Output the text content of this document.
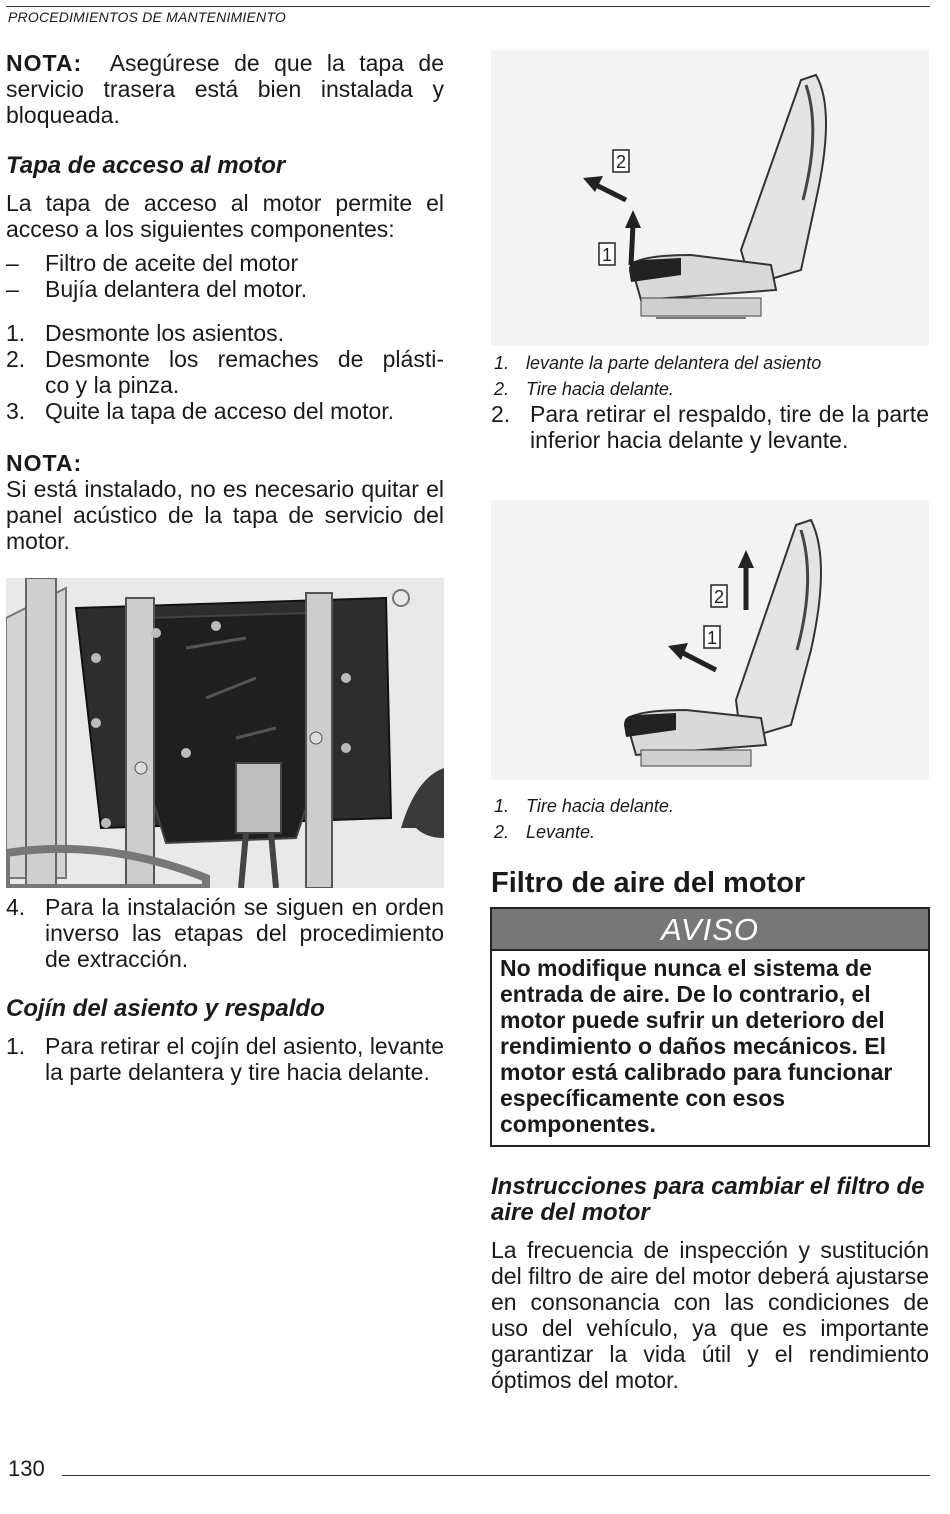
PROCEDIMIENTOS DE MANTENIMIENTO
NOTA: Asegúrese de que la tapa de servicio trasera está bien instalada y bloqueada.
Tapa de acceso al motor
La tapa de acceso al motor permite el acceso a los siguientes componentes:
– Filtro de aceite del motor
– Bujía delantera del motor.
1. Desmonte los asientos.
2. Desmonte los remaches de plásti-
co y la pinza.
3. Quite la tapa de acceso del motor.
NOTA:
Si está instalado, no es necesario quitar el panel acústico de la tapa de servicio del motor.
4. Para la instalación se siguen en orden inverso las etapas del procedimiento de extracción.
Cojín del asiento y respaldo
1. Para retirar el cojín del asiento, levante la parte delantera y tire hacia delante.
2
1
1. levante la parte delantera del asiento
2. Tire hacia delante.
2. Para retirar el respaldo, tire de la parte inferior hacia delante y levante.
2
1
1. Tire hacia delante.
2. Levante.
Filtro de aire del motor
AVISO
No modifique nunca el sistema de entrada de aire. De lo contrario, el motor puede sufrir un deterioro del rendimiento o daños mecánicos. El motor está calibrado para funcionar específicamente con esos componentes.
Instrucciones para cambiar el filtro de aire del motor
La frecuencia de inspección y sustitución del filtro de aire del motor deberá ajustarse en consonancia con las condiciones de uso del vehículo, ya que es importante garantizar la vida útil y el rendimiento óptimos del motor.
130
